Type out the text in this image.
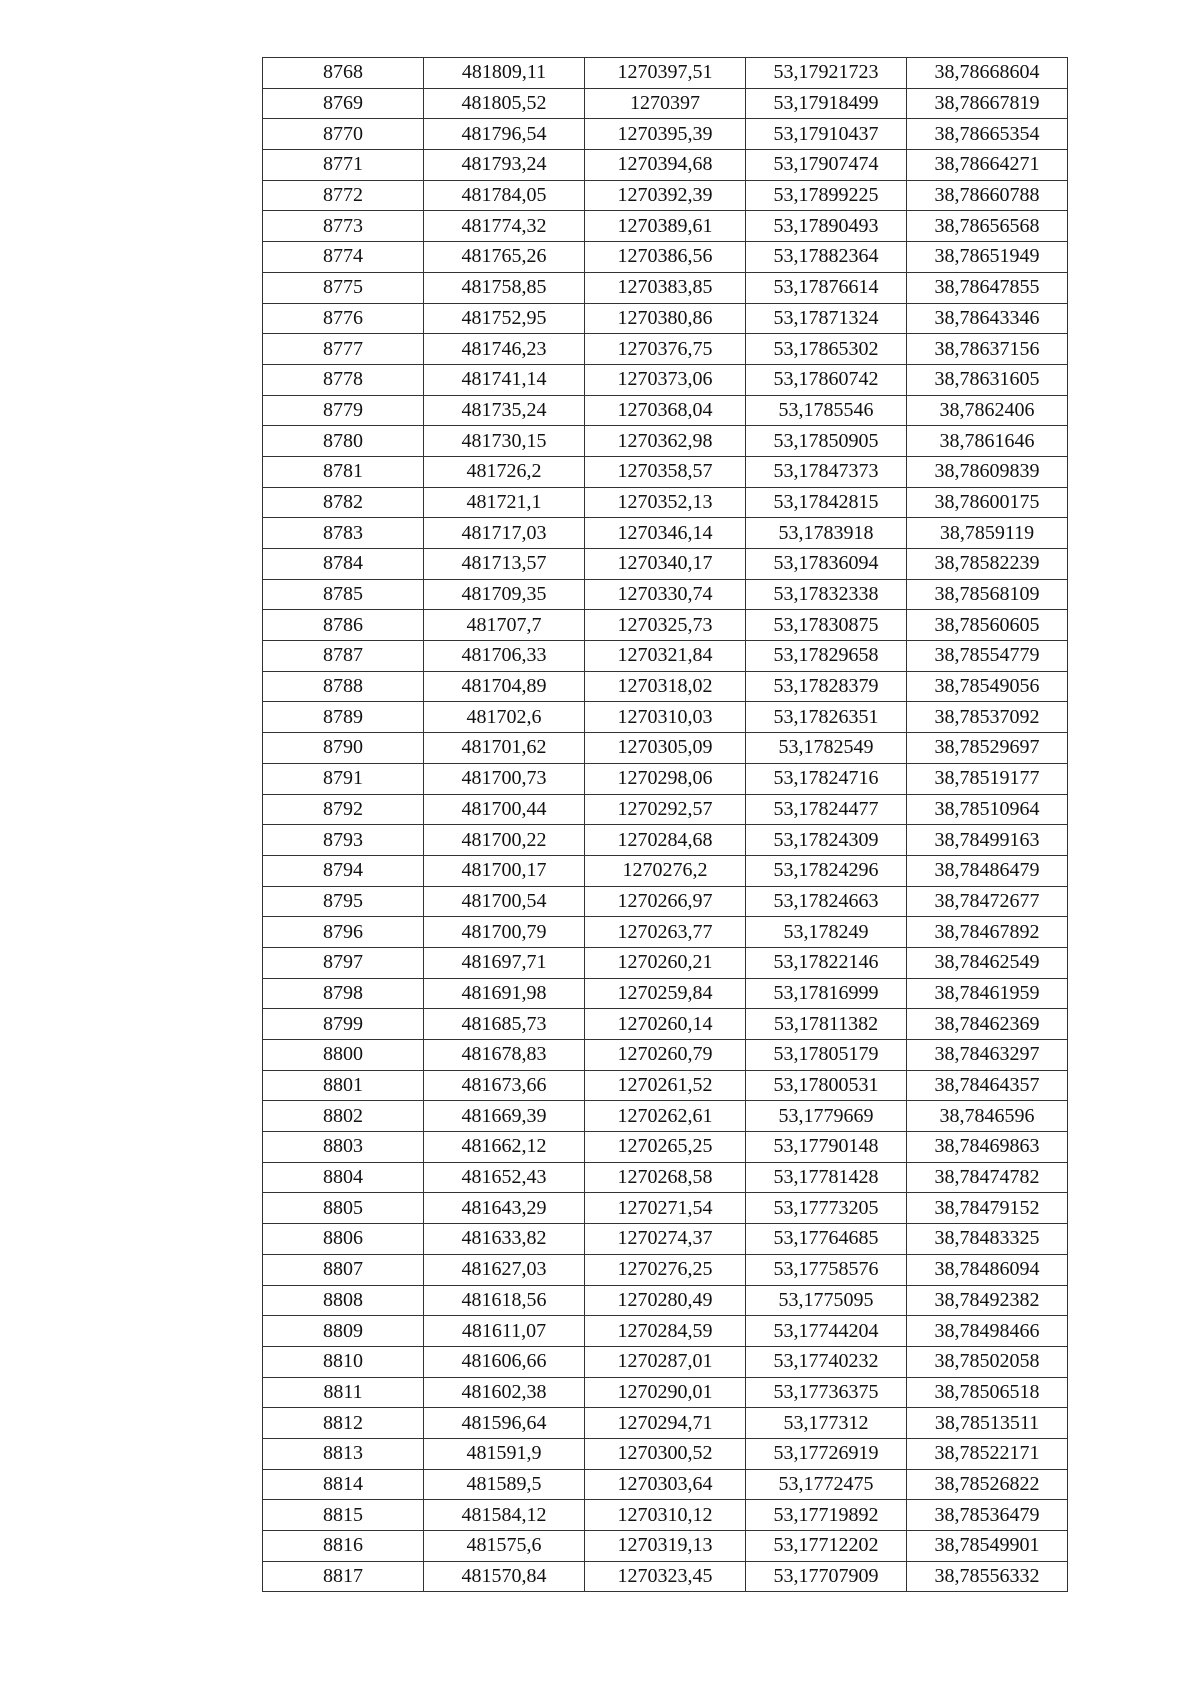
8768	481809,11	1270397,51	53,17921723	38,78668604
8769	481805,52	1270397	53,17918499	38,78667819
8770	481796,54	1270395,39	53,17910437	38,78665354
8771	481793,24	1270394,68	53,17907474	38,78664271
8772	481784,05	1270392,39	53,17899225	38,78660788
8773	481774,32	1270389,61	53,17890493	38,78656568
8774	481765,26	1270386,56	53,17882364	38,78651949
8775	481758,85	1270383,85	53,17876614	38,78647855
8776	481752,95	1270380,86	53,17871324	38,78643346
8777	481746,23	1270376,75	53,17865302	38,78637156
8778	481741,14	1270373,06	53,17860742	38,78631605
8779	481735,24	1270368,04	53,1785546	38,7862406
8780	481730,15	1270362,98	53,17850905	38,7861646
8781	481726,2	1270358,57	53,17847373	38,78609839
8782	481721,1	1270352,13	53,17842815	38,78600175
8783	481717,03	1270346,14	53,1783918	38,7859119
8784	481713,57	1270340,17	53,17836094	38,78582239
8785	481709,35	1270330,74	53,17832338	38,78568109
8786	481707,7	1270325,73	53,17830875	38,78560605
8787	481706,33	1270321,84	53,17829658	38,78554779
8788	481704,89	1270318,02	53,17828379	38,78549056
8789	481702,6	1270310,03	53,17826351	38,78537092
8790	481701,62	1270305,09	53,1782549	38,78529697
8791	481700,73	1270298,06	53,17824716	38,78519177
8792	481700,44	1270292,57	53,17824477	38,78510964
8793	481700,22	1270284,68	53,17824309	38,78499163
8794	481700,17	1270276,2	53,17824296	38,78486479
8795	481700,54	1270266,97	53,17824663	38,78472677
8796	481700,79	1270263,77	53,178249	38,78467892
8797	481697,71	1270260,21	53,17822146	38,78462549
8798	481691,98	1270259,84	53,17816999	38,78461959
8799	481685,73	1270260,14	53,17811382	38,78462369
8800	481678,83	1270260,79	53,17805179	38,78463297
8801	481673,66	1270261,52	53,17800531	38,78464357
8802	481669,39	1270262,61	53,1779669	38,7846596
8803	481662,12	1270265,25	53,17790148	38,78469863
8804	481652,43	1270268,58	53,17781428	38,78474782
8805	481643,29	1270271,54	53,17773205	38,78479152
8806	481633,82	1270274,37	53,17764685	38,78483325
8807	481627,03	1270276,25	53,17758576	38,78486094
8808	481618,56	1270280,49	53,1775095	38,78492382
8809	481611,07	1270284,59	53,17744204	38,78498466
8810	481606,66	1270287,01	53,17740232	38,78502058
8811	481602,38	1270290,01	53,17736375	38,78506518
8812	481596,64	1270294,71	53,177312	38,78513511
8813	481591,9	1270300,52	53,17726919	38,78522171
8814	481589,5	1270303,64	53,1772475	38,78526822
8815	481584,12	1270310,12	53,17719892	38,78536479
8816	481575,6	1270319,13	53,17712202	38,78549901
8817	481570,84	1270323,45	53,17707909	38,78556332
